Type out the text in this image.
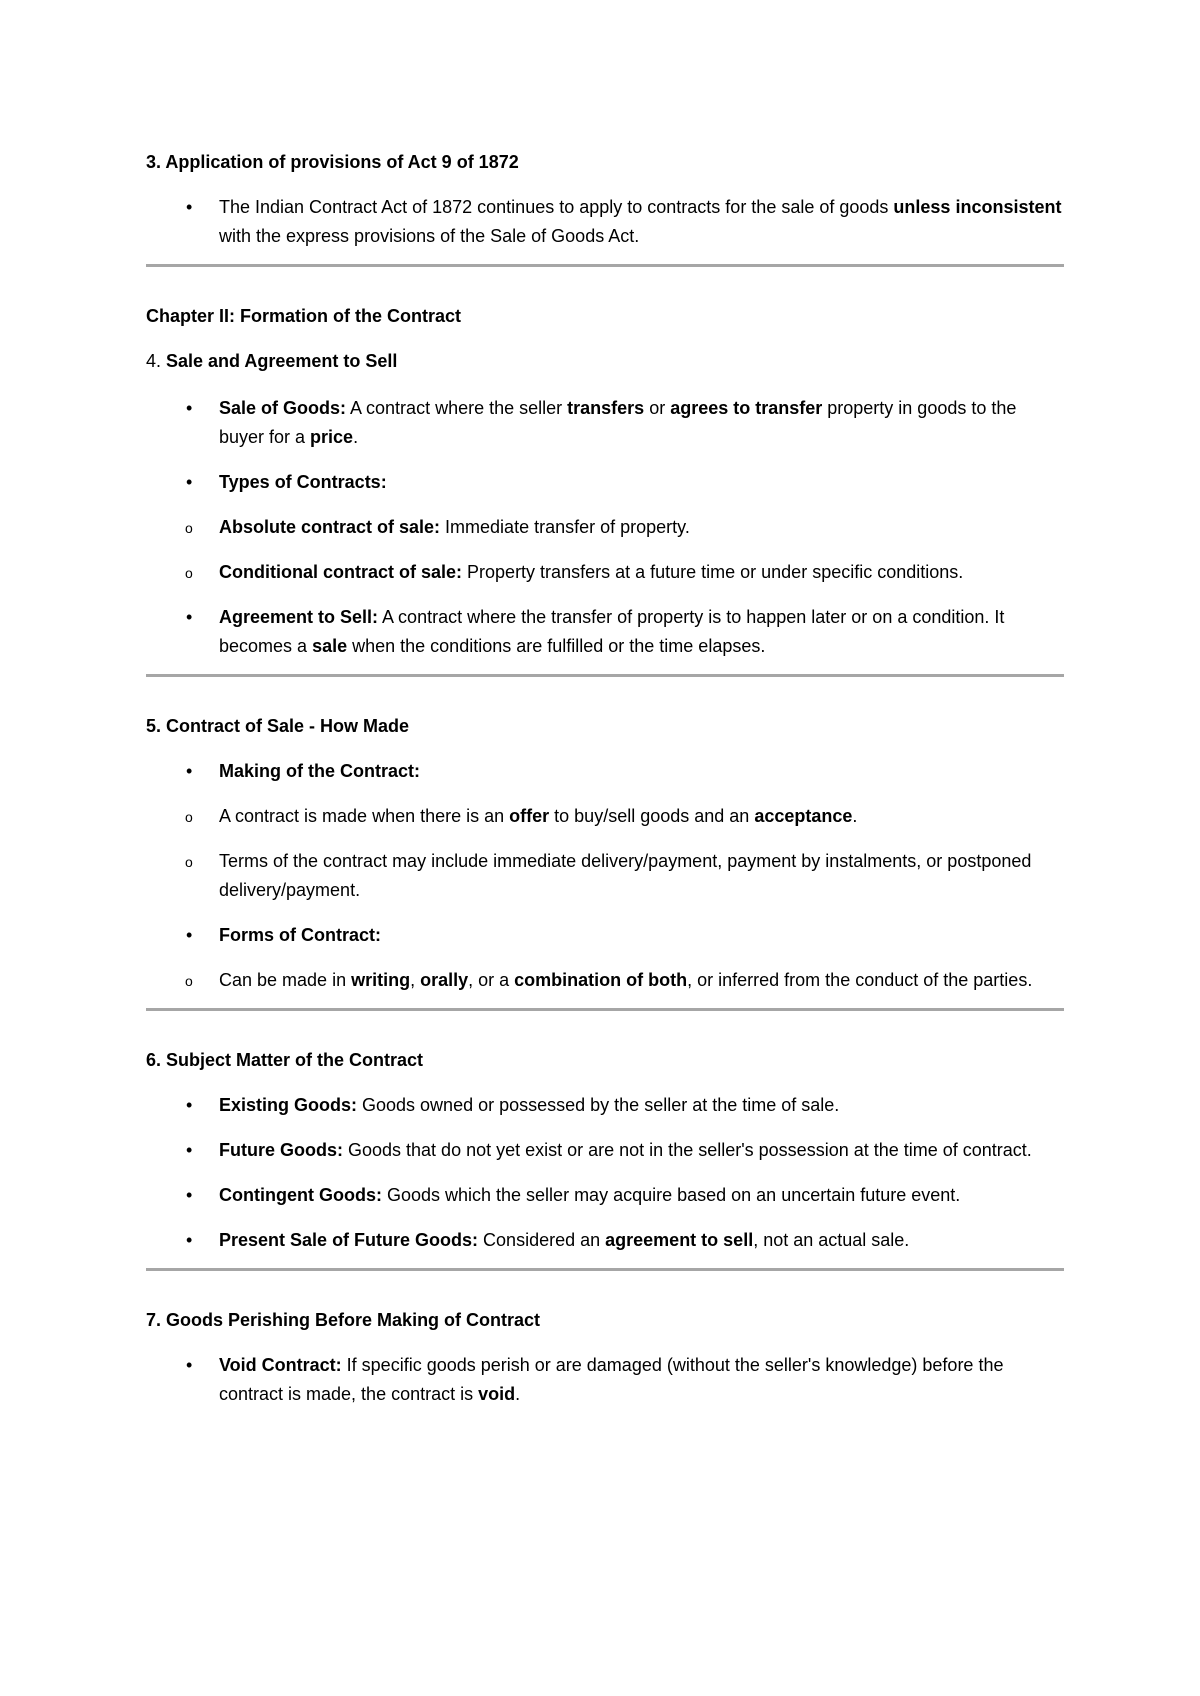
3. Application of provisions of Act 9 of 1872

• The Indian Contract Act of 1872 continues to apply to contracts for the sale of goods unless inconsistent with the express provisions of the Sale of Goods Act.

Chapter II: Formation of the Contract

4. Sale and Agreement to Sell

• Sale of Goods: A contract where the seller transfers or agrees to transfer property in goods to the buyer for a price.
• Types of Contracts:
o Absolute contract of sale: Immediate transfer of property.
o Conditional contract of sale: Property transfers at a future time or under specific conditions.
• Agreement to Sell: A contract where the transfer of property is to happen later or on a condition. It becomes a sale when the conditions are fulfilled or the time elapses.

5. Contract of Sale - How Made

• Making of the Contract:
o A contract is made when there is an offer to buy/sell goods and an acceptance.
o Terms of the contract may include immediate delivery/payment, payment by instalments, or postponed delivery/payment.
• Forms of Contract:
o Can be made in writing, orally, or a combination of both, or inferred from the conduct of the parties.

6. Subject Matter of the Contract

• Existing Goods: Goods owned or possessed by the seller at the time of sale.
• Future Goods: Goods that do not yet exist or are not in the seller's possession at the time of contract.
• Contingent Goods: Goods which the seller may acquire based on an uncertain future event.
• Present Sale of Future Goods: Considered an agreement to sell, not an actual sale.

7. Goods Perishing Before Making of Contract

• Void Contract: If specific goods perish or are damaged (without the seller's knowledge) before the contract is made, the contract is void.
